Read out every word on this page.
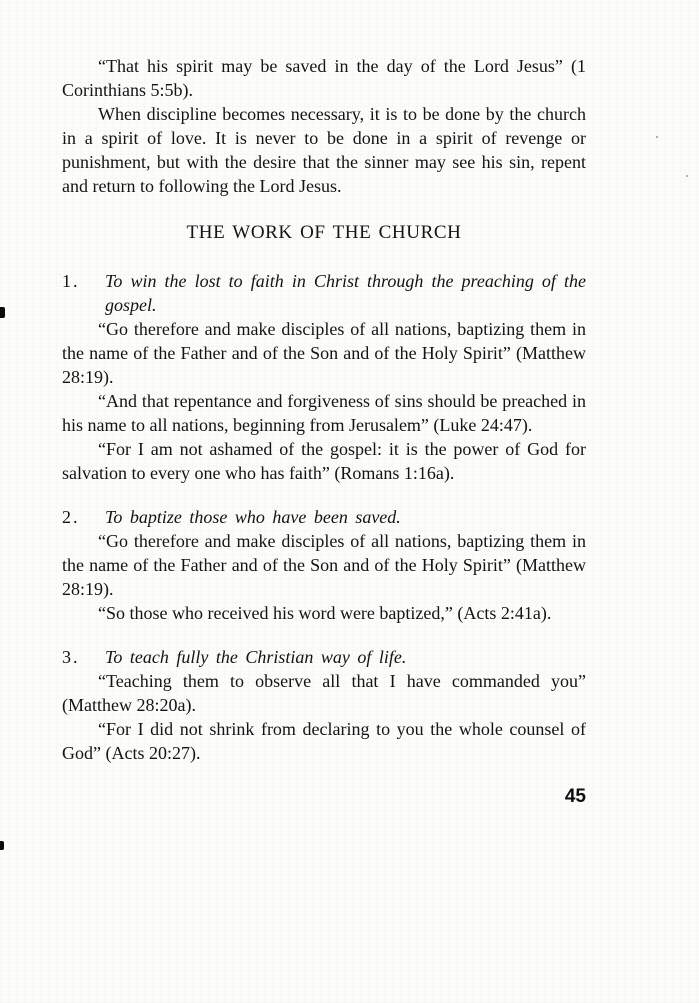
“That his spirit may be saved in the day of the Lord Jesus” (1 Corinthians 5:5b).

When discipline becomes necessary, it is to be done by the church in a spirit of love. It is never to be done in a spirit of revenge or punishment, but with the desire that the sinner may see his sin, repent and return to following the Lord Jesus.

THE WORK OF THE CHURCH
1.	To win the lost to faith in Christ through the preaching of the gospel.

“Go therefore and make disciples of all nations, baptizing them in the name of the Father and of the Son and of the Holy Spirit” (Matthew 28:19).

“And that repentance and forgiveness of sins should be preached in his name to all nations, beginning from Jerusalem” (Luke 24:47).

“For I am not ashamed of the gospel: it is the power of God for salvation to every one who has faith” (Romans 1:16a).

2.	To baptize those who have been saved.

“Go therefore and make disciples of all nations, baptizing them in the name of the Father and of the Son and of the Holy Spirit” (Matthew 28:19).

“So those who received his word were baptized,” (Acts 2:41a).

3.	To teach fully the Christian way of life.

“Teaching them to observe all that I have commanded you” (Matthew 28:20a).

“For I did not shrink from declaring to you the whole counsel of God” (Acts 20:27).

45
